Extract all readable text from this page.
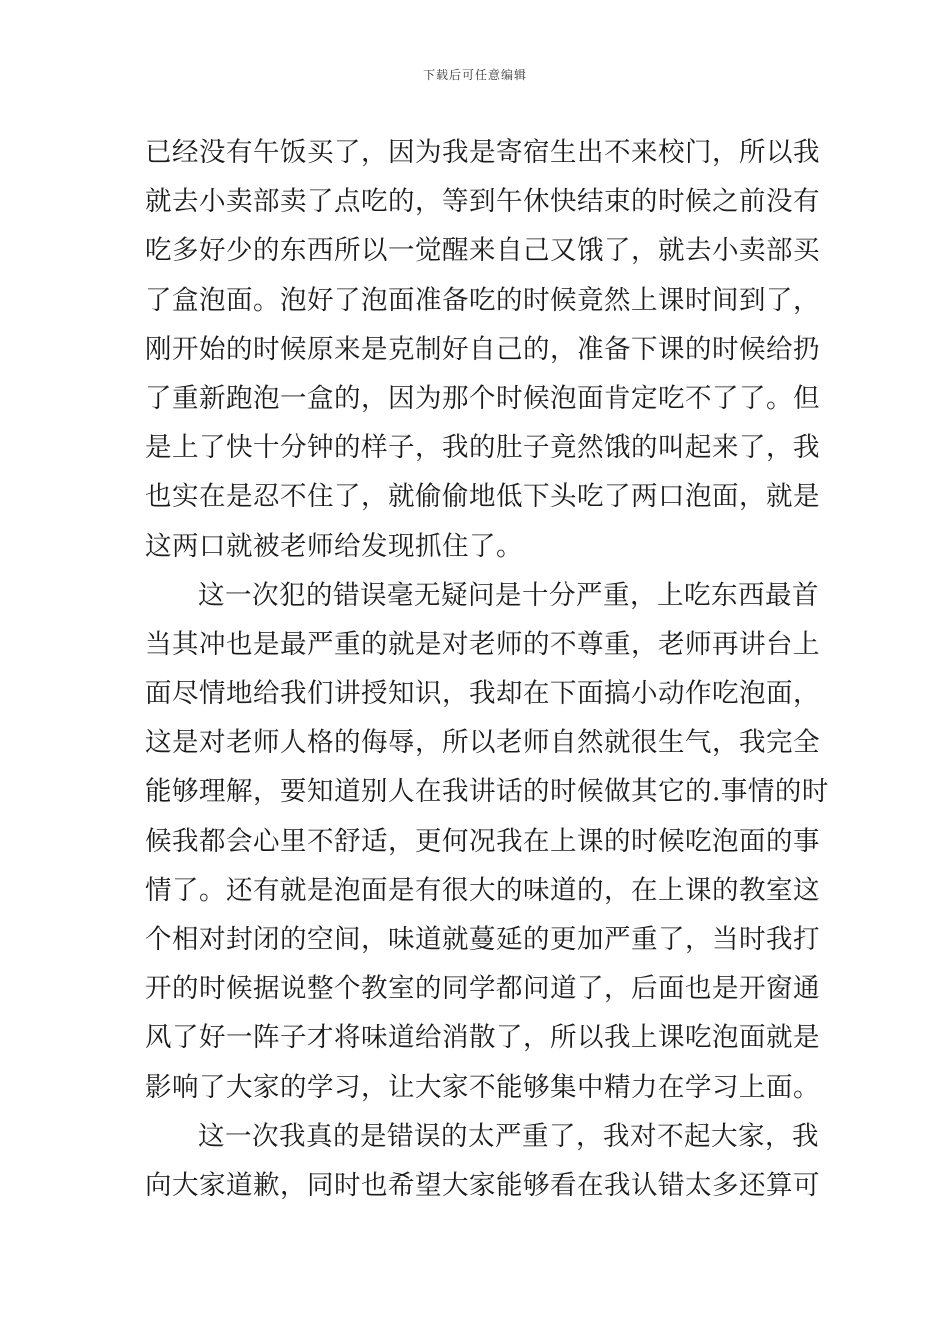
下载后可任意编辑
已经没有午饭买了，因为我是寄宿生出不来校门，所以我
就去小卖部卖了点吃的，等到午休快结束的时候之前没有
吃多好少的东西所以一觉醒来自己又饿了，就去小卖部买
了盒泡面。泡好了泡面准备吃的时候竟然上课时间到了，
刚开始的时候原来是克制好自己的，准备下课的时候给扔
了重新跑泡一盒的，因为那个时候泡面肯定吃不了了。但
是上了快十分钟的样子，我的肚子竟然饿的叫起来了，我
也实在是忍不住了，就偷偷地低下头吃了两口泡面，就是
这两口就被老师给发现抓住了。
这一次犯的错误毫无疑问是十分严重，上吃东西最首
当其冲也是最严重的就是对老师的不尊重，老师再讲台上
面尽情地给我们讲授知识，我却在下面搞小动作吃泡面，
这是对老师人格的侮辱，所以老师自然就很生气，我完全
能够理解，要知道别人在我讲话的时候做其它的.事情的时
候我都会心里不舒适，更何况我在上课的时候吃泡面的事
情了。还有就是泡面是有很大的味道的，在上课的教室这
个相对封闭的空间，味道就蔓延的更加严重了，当时我打
开的时候据说整个教室的同学都问道了，后面也是开窗通
风了好一阵子才将味道给消散了，所以我上课吃泡面就是
影响了大家的学习，让大家不能够集中精力在学习上面。
这一次我真的是错误的太严重了，我对不起大家，我
向大家道歉，同时也希望大家能够看在我认错太多还算可
